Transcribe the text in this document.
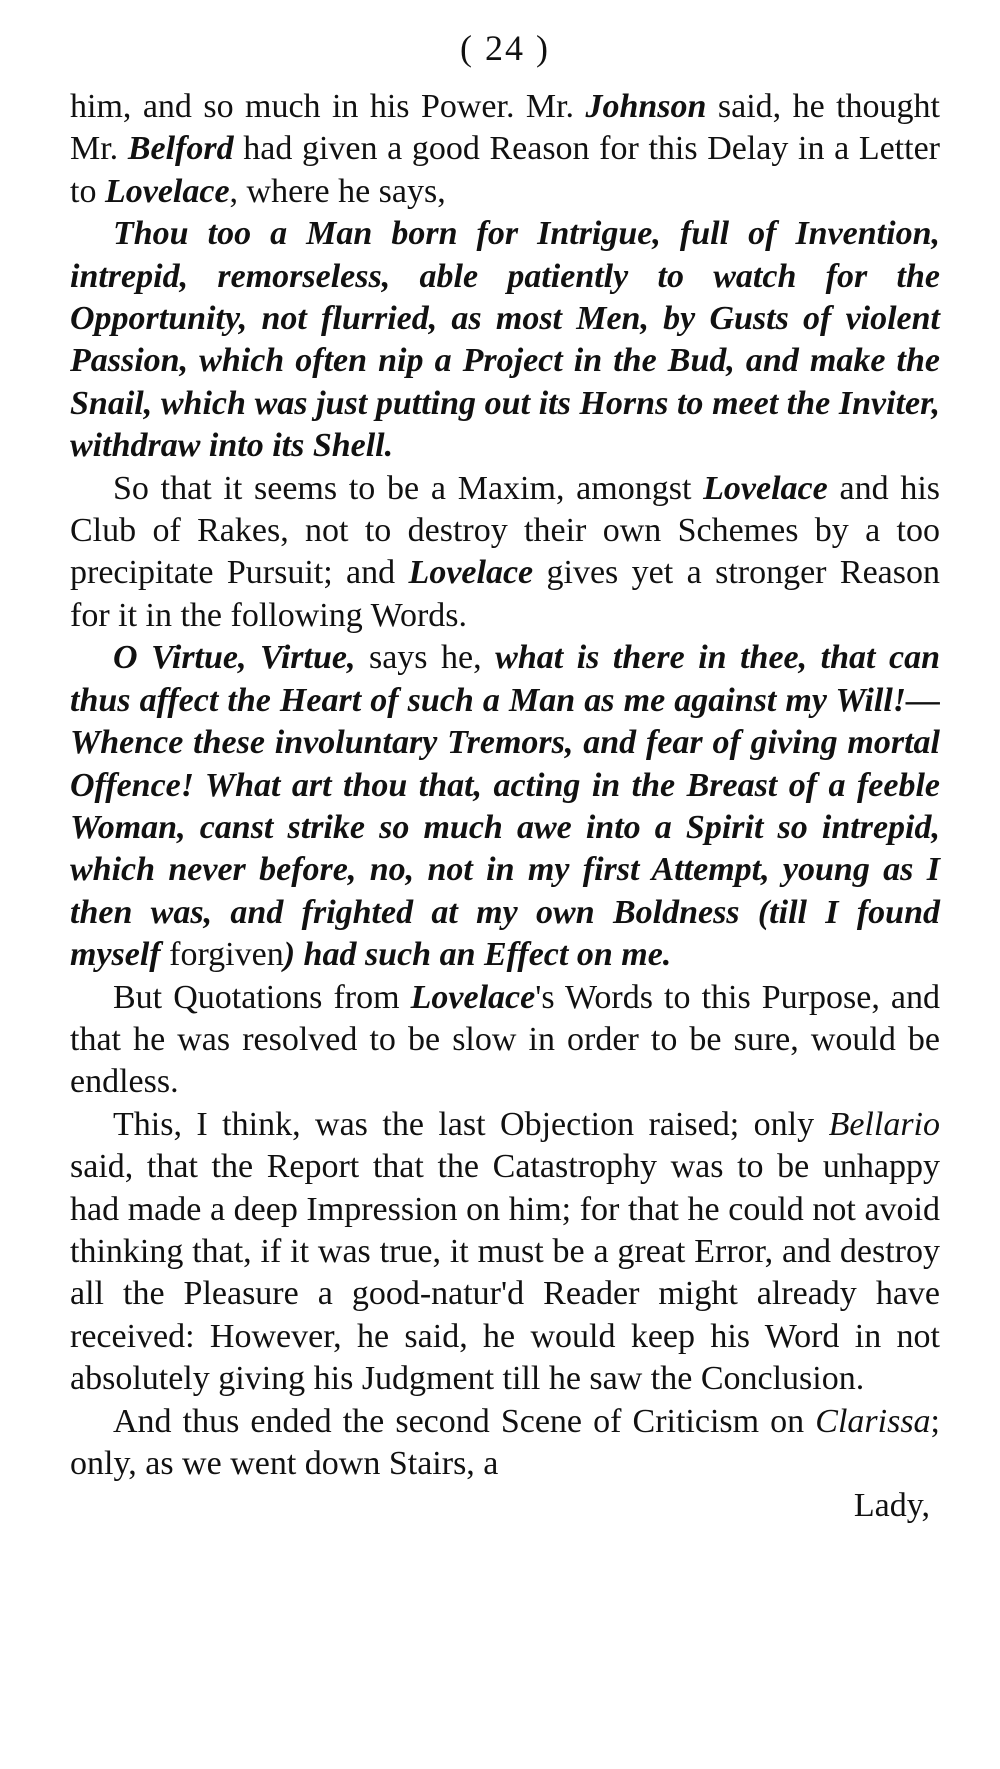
( 24 )

him, and so much in his Power. Mr. Johnson said, he thought Mr. Belford had given a good Reason for this Delay in a Letter to Lovelace, where he says,

Thou too a Man born for Intrigue, full of Invention, intrepid, remorseless, able patiently to watch for the Opportunity, not flurried, as most Men, by Gusts of violent Passion, which often nip a Project in the Bud, and make the Snail, which was just putting out its Horns to meet the Inviter, withdraw into its Shell.

So that it seems to be a Maxim, amongst Lovelace and his Club of Rakes, not to destroy their own Schemes by a too precipitate Pursuit; and Lovelace gives yet a stronger Reason for it in the following Words.

O Virtue, Virtue, says he, what is there in thee, that can thus affect the Heart of such a Man as me against my Will!—Whence these involuntary Tremors, and fear of giving mortal Offence! What art thou that, acting in the Breast of a feeble Woman, canst strike so much awe into a Spirit so intrepid, which never before, no, not in my first Attempt, young as I then was, and frighted at my own Boldness (till I found myself forgiven) had such an Effect on me.

But Quotations from Lovelace's Words to this Purpose, and that he was resolved to be slow in order to be sure, would be endless.

This, I think, was the last Objection raised; only Bellario said, that the Report that the Catastrophy was to be unhappy had made a deep Impression on him; for that he could not avoid thinking that, if it was true, it must be a great Error, and destroy all the Pleasure a good-natur'd Reader might already have received: However, he said, he would keep his Word in not absolutely giving his Judgment till he saw the Conclusion.

And thus ended the second Scene of Criticism on Clarissa; only, as we went down Stairs, a

Lady,
